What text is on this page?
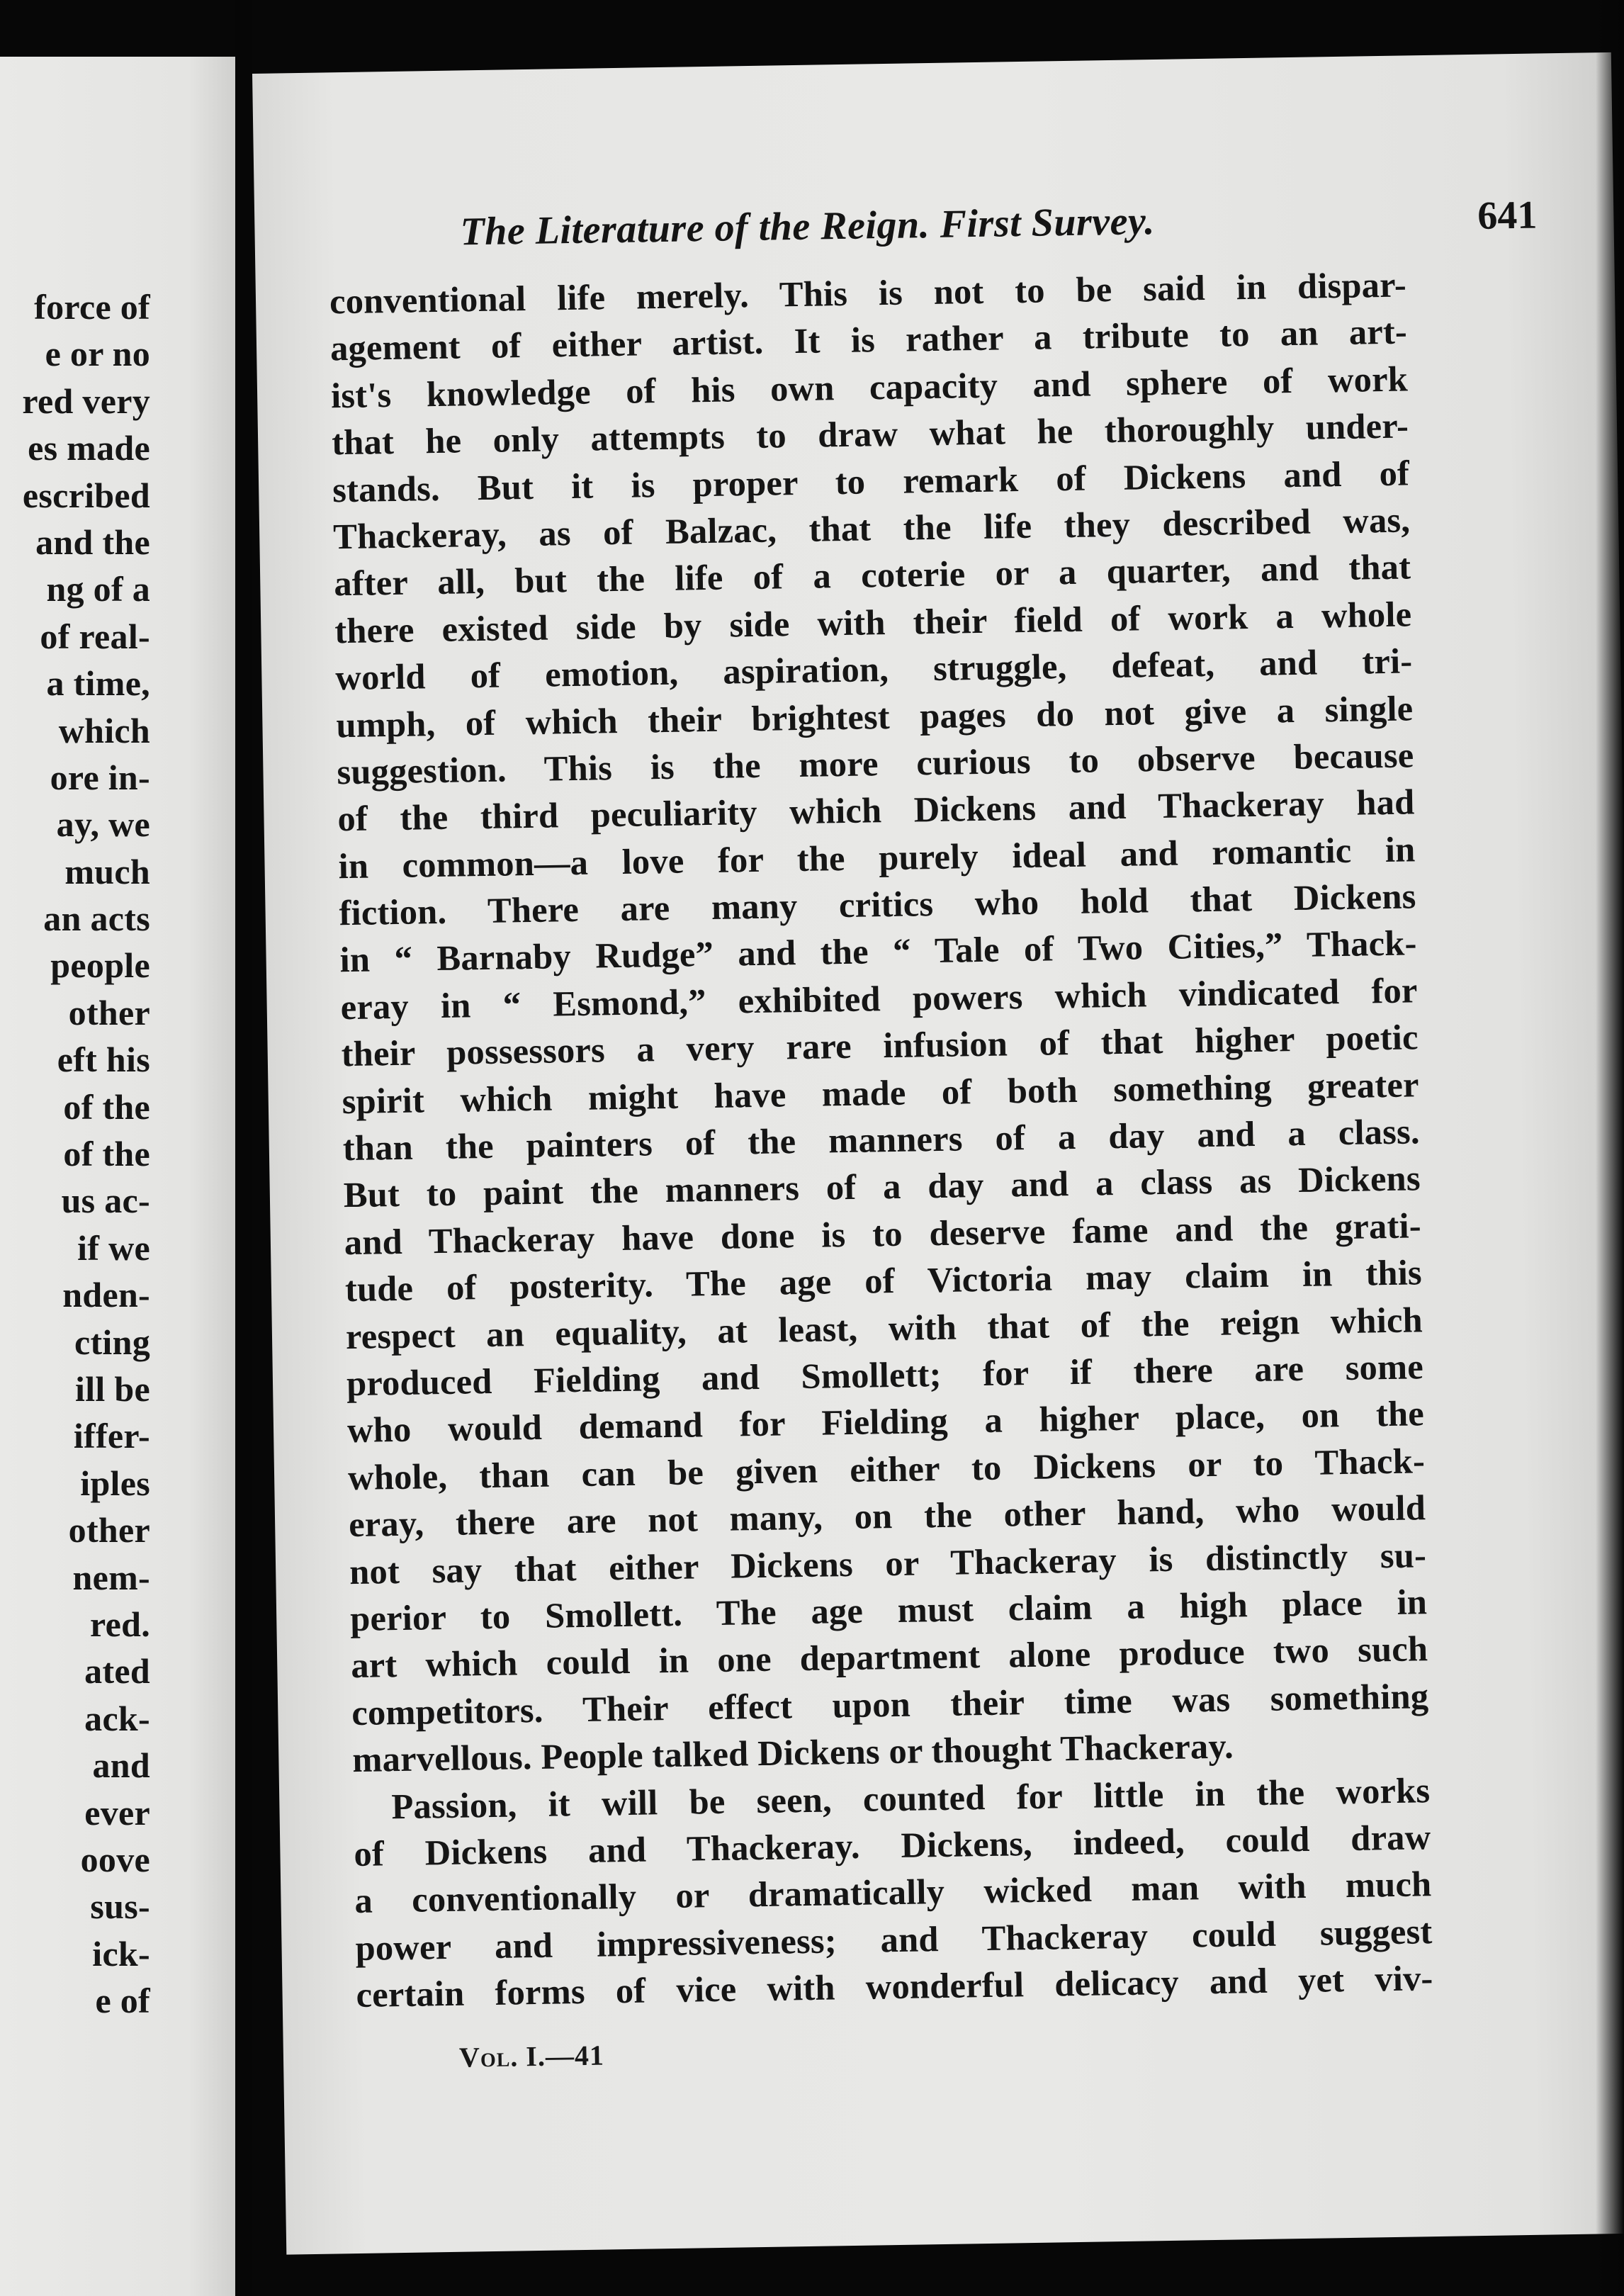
force of
e or no
red very
es made
escribed
and the
ng of a
of real-
a time,
which
ore in-
ay, we
much
an acts
people
other
eft his
of the
of the
us ac-
if we
nden-
cting
ill be
iffer-
iples
other
nem-
red.
ated
ack-
and
ever
oove
sus-
ick-
e of
The Literature of the Reign. First Survey.	641
conventional life merely. This is not to be said in dispar-
agement of either artist. It is rather a tribute to an art-
ist's knowledge of his own capacity and sphere of work
that he only attempts to draw what he thoroughly under-
stands. But it is proper to remark of Dickens and of
Thackeray, as of Balzac, that the life they described was,
after all, but the life of a coterie or a quarter, and that
there existed side by side with their field of work a whole
world of emotion, aspiration, struggle, defeat, and tri-
umph, of which their brightest pages do not give a single
suggestion. This is the more curious to observe because
of the third peculiarity which Dickens and Thackeray had
in common—a love for the purely ideal and romantic in
fiction. There are many critics who hold that Dickens
in “ Barnaby Rudge” and the “ Tale of Two Cities,” Thack-
eray in “ Esmond,” exhibited powers which vindicated for
their possessors a very rare infusion of that higher poetic
spirit which might have made of both something greater
than the painters of the manners of a day and a class.
But to paint the manners of a day and a class as Dickens
and Thackeray have done is to deserve fame and the grati-
tude of posterity. The age of Victoria may claim in this
respect an equality, at least, with that of the reign which
produced Fielding and Smollett; for if there are some
who would demand for Fielding a higher place, on the
whole, than can be given either to Dickens or to Thack-
eray, there are not many, on the other hand, who would
not say that either Dickens or Thackeray is distinctly su-
perior to Smollett. The age must claim a high place in
art which could in one department alone produce two such
competitors. Their effect upon their time was something
marvellous. People talked Dickens or thought Thackeray.
Passion, it will be seen, counted for little in the works
of Dickens and Thackeray. Dickens, indeed, could draw
a conventionally or dramatically wicked man with much
power and impressiveness; and Thackeray could suggest
certain forms of vice with wonderful delicacy and yet viv-
Vol. I.—41
